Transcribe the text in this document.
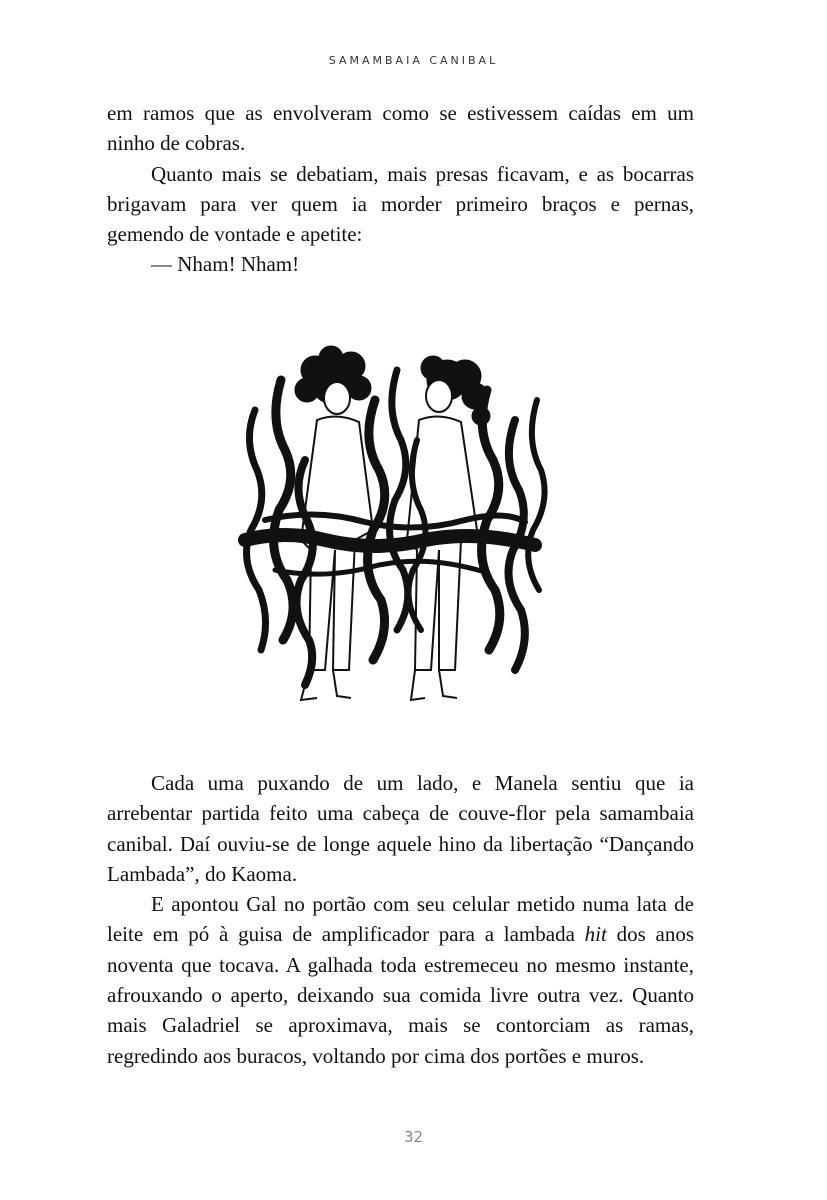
SAMAMBAIA CANIBAL

em ramos que as envolveram como se estivessem caídas em um ninho de cobras.

Quanto mais se debatiam, mais presas ficavam, e as bocarras brigavam para ver quem ia morder primeiro braços e pernas, gemendo de vontade e apetite:

— Nham! Nham!

Cada uma puxando de um lado, e Manela sentiu que ia arrebentar partida feito uma cabeça de couve-flor pela samambaia canibal. Daí ouviu-se de longe aquele hino da libertação “Dançando Lambada”, do Kaoma.

E apontou Gal no portão com seu celular metido numa lata de leite em pó à guisa de amplificador para a lambada hit dos anos noventa que tocava. A galhada toda estremeceu no mesmo instante, afrouxando o aperto, deixando sua comida livre outra vez. Quanto mais Galadriel se aproximava, mais se contorciam as ramas, regredindo aos buracos, voltando por cima dos portões e muros.

32
